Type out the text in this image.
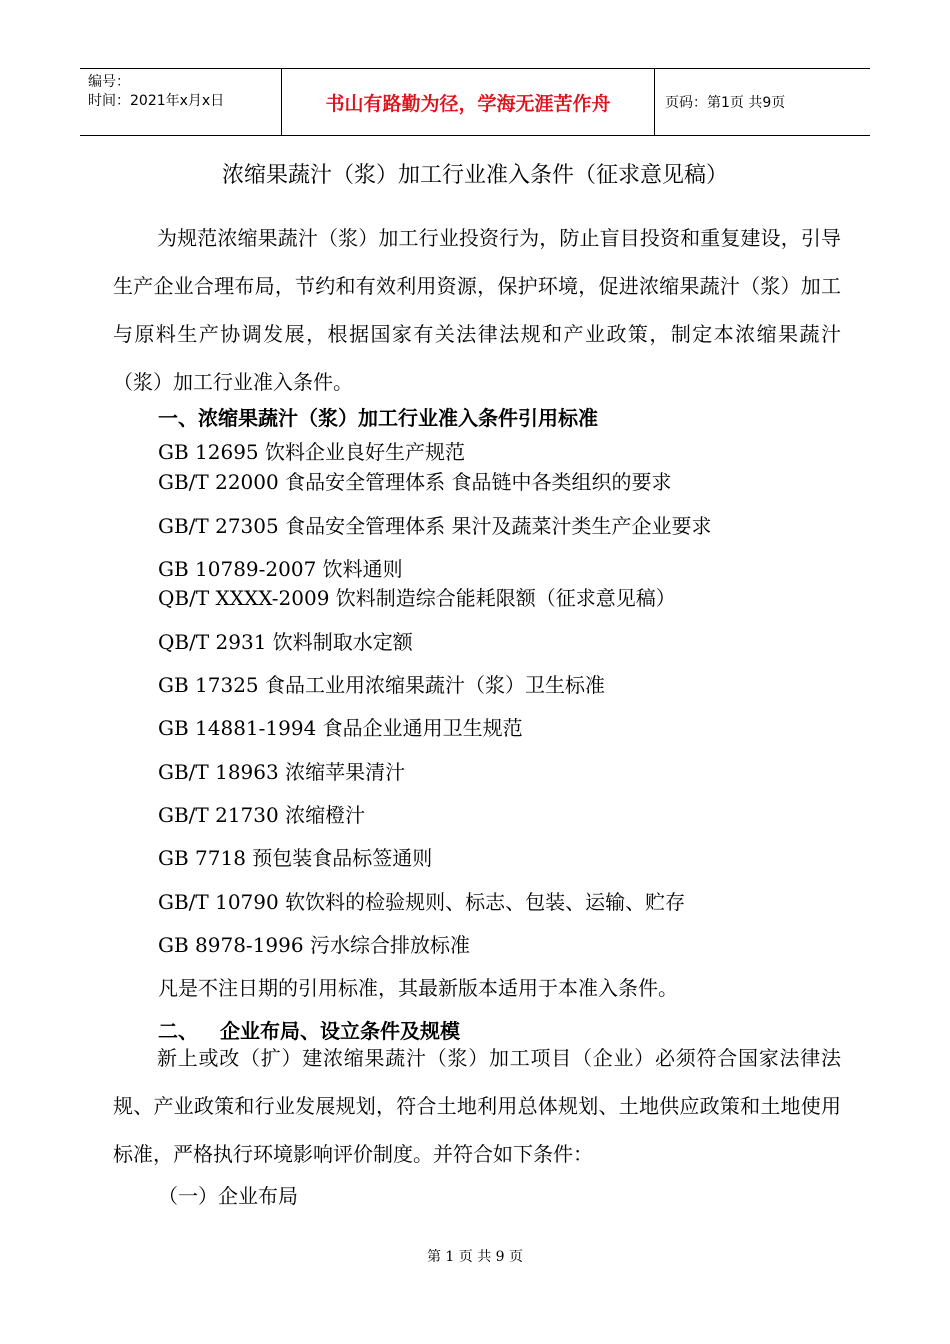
编号：
时间：2021年x月x日	书山有路勤为径，学海无涯苦作舟	页码：第1页 共9页
浓缩果蔬汁（浆）加工行业准入条件（征求意见稿）

为规范浓缩果蔬汁（浆）加工行业投资行为，防止盲目投资和重复建设，引导生产企业合理布局，节约和有效利用资源，保护环境，促进浓缩果蔬汁（浆）加工与原料生产协调发展，根据国家有关法律法规和产业政策，制定本浓缩果蔬汁（浆）加工行业准入条件。

一、浓缩果蔬汁（浆）加工行业准入条件引用标准
GB 12695 饮料企业良好生产规范
GB/T 22000 食品安全管理体系 食品链中各类组织的要求
GB/T 27305 食品安全管理体系 果汁及蔬菜汁类生产企业要求
GB 10789-2007 饮料通则
QB/T XXXX-2009 饮料制造综合能耗限额（征求意见稿）
QB/T 2931 饮料制取水定额
GB 17325 食品工业用浓缩果蔬汁（浆）卫生标准
GB 14881-1994 食品企业通用卫生规范
GB/T 18963 浓缩苹果清汁
GB/T 21730 浓缩橙汁
GB 7718 预包装食品标签通则
GB/T 10790 软饮料的检验规则、标志、包装、运输、贮存
GB 8978-1996 污水综合排放标准
凡是不注日期的引用标准，其最新版本适用于本准入条件。
二、 企业布局、设立条件及规模

新上或改（扩）建浓缩果蔬汁（浆）加工项目（企业）必须符合国家法律法规、产业政策和行业发展规划，符合土地利用总体规划、土地供应政策和土地使用标准，严格执行环境影响评价制度。并符合如下条件：

（一）企业布局
第 1 页 共 9 页
